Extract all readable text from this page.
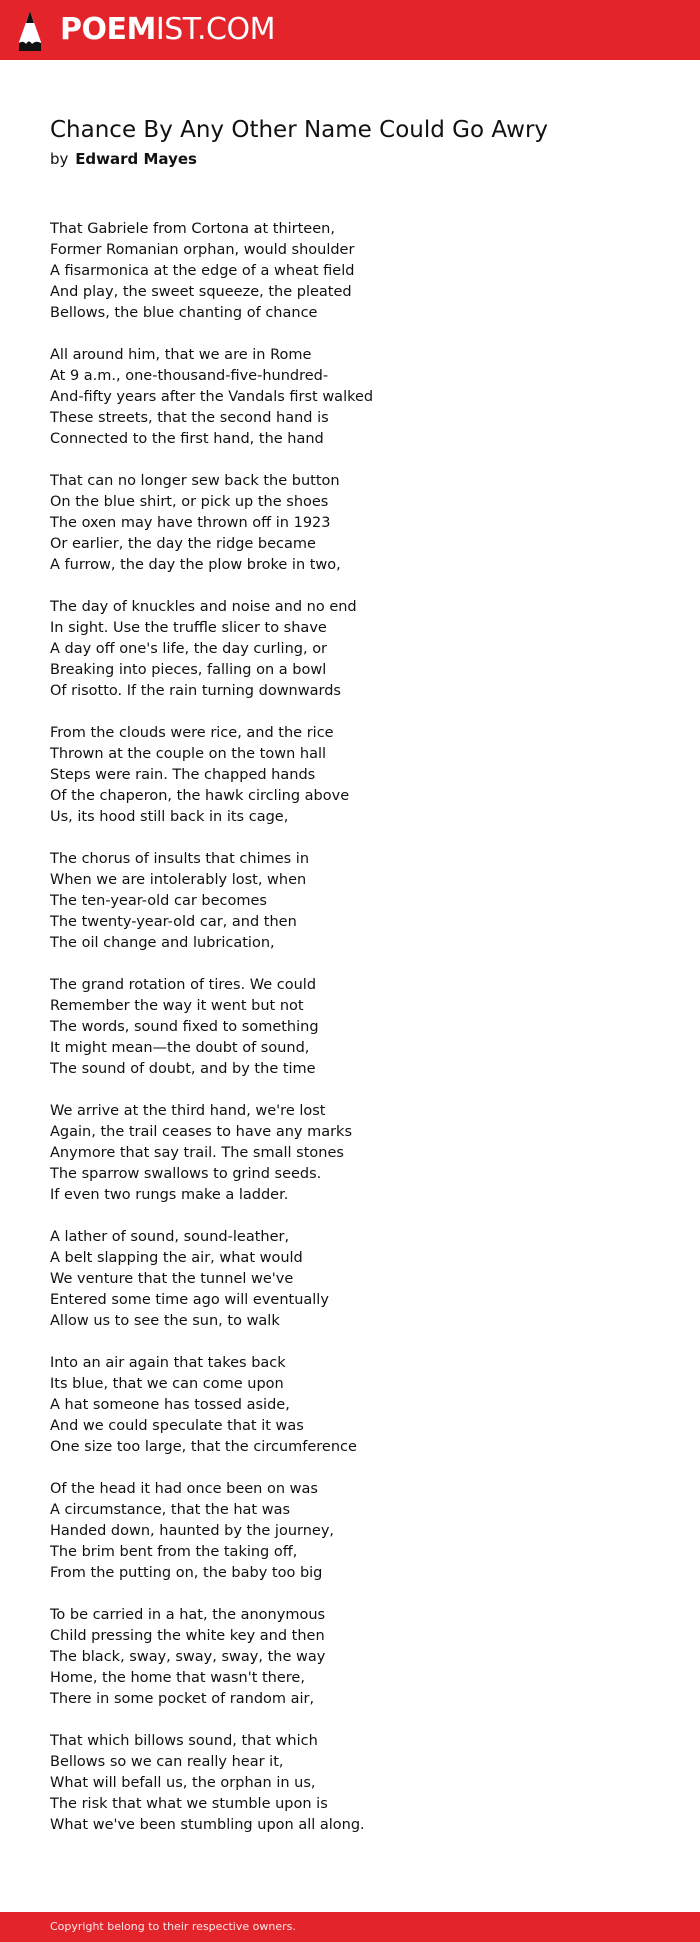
POEMIST.COM
Chance By Any Other Name Could Go Awry
by Edward Mayes
That Gabriele from Cortona at thirteen,
Former Romanian orphan, would shoulder
A fisarmonica at the edge of a wheat field
And play, the sweet squeeze, the pleated
Bellows, the blue chanting of chance
All around him, that we are in Rome
At 9 a.m., one-thousand-five-hundred-
And-fifty years after the Vandals first walked
These streets, that the second hand is
Connected to the first hand, the hand
That can no longer sew back the button
On the blue shirt, or pick up the shoes
The oxen may have thrown off in 1923
Or earlier, the day the ridge became
A furrow, the day the plow broke in two,
The day of knuckles and noise and no end
In sight. Use the truffle slicer to shave
A day off one's life, the day curling, or
Breaking into pieces, falling on a bowl
Of risotto. If the rain turning downwards
From the clouds were rice, and the rice
Thrown at the couple on the town hall
Steps were rain. The chapped hands
Of the chaperon, the hawk circling above
Us, its hood still back in its cage,
The chorus of insults that chimes in
When we are intolerably lost, when
The ten-year-old car becomes
The twenty-year-old car, and then
The oil change and lubrication,
The grand rotation of tires. We could
Remember the way it went but not
The words, sound fixed to something
It might mean—the doubt of sound,
The sound of doubt, and by the time
We arrive at the third hand, we're lost
Again, the trail ceases to have any marks
Anymore that say trail. The small stones
The sparrow swallows to grind seeds.
If even two rungs make a ladder.
A lather of sound, sound-leather,
A belt slapping the air, what would
We venture that the tunnel we've
Entered some time ago will eventually
Allow us to see the sun, to walk
Into an air again that takes back
Its blue, that we can come upon
A hat someone has tossed aside,
And we could speculate that it was
One size too large, that the circumference
Of the head it had once been on was
A circumstance, that the hat was
Handed down, haunted by the journey,
The brim bent from the taking off,
From the putting on, the baby too big
To be carried in a hat, the anonymous
Child pressing the white key and then
The black, sway, sway, sway, the way
Home, the home that wasn't there,
There in some pocket of random air,
That which billows sound, that which
Bellows so we can really hear it,
What will befall us, the orphan in us,
The risk that what we stumble upon is
What we've been stumbling upon all along.
Copyright belong to their respective owners.
